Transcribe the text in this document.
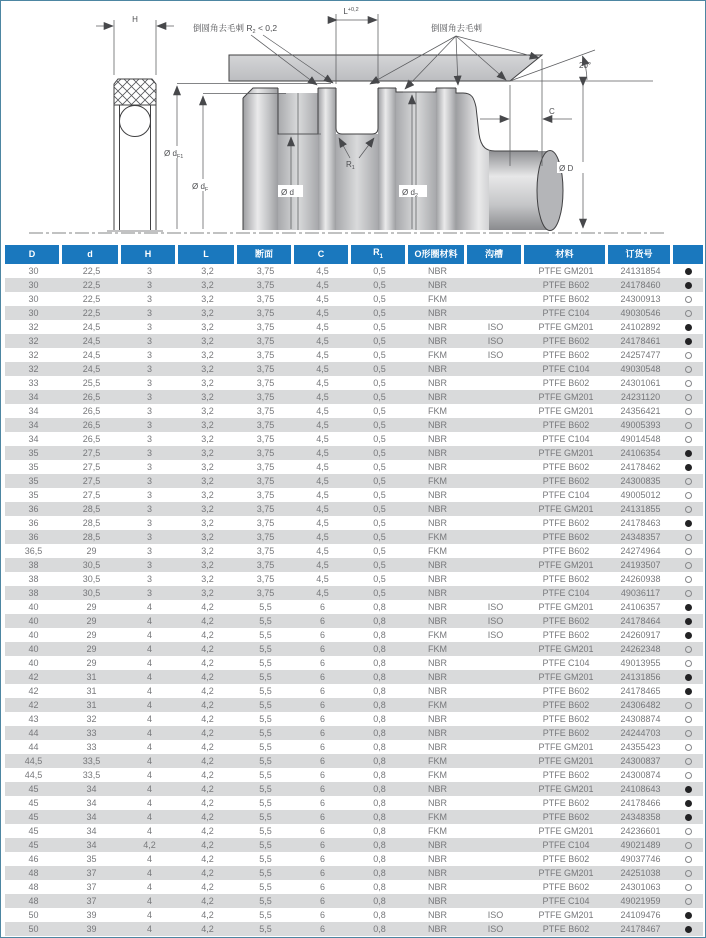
H
20°
$L^{+0,2}$
C
Ø D
Ø $d_{F1}$
Ø $d_F$	Ø d	Ø $d_2$
$R_1$
倒圆角去毛刺 $R_2 < 0,2$	倒圆角去毛刺
D	d	H	L	断面	C	$R_1$	O形圈材料	沟槽	材料	订货号	
30	22,5	3	3,2	3,75	4,5	0,5	NBR		PTFE GM201	24131854	
30	22,5	3	3,2	3,75	4,5	0,5	NBR		PTFE B602	24178460	
30	22,5	3	3,2	3,75	4,5	0,5	FKM		PTFE B602	24300913	
30	22,5	3	3,2	3,75	4,5	0,5	NBR		PTFE C104	49030546	
32	24,5	3	3,2	3,75	4,5	0,5	NBR	ISO	PTFE GM201	24102892	
32	24,5	3	3,2	3,75	4,5	0,5	NBR	ISO	PTFE B602	24178461	
32	24,5	3	3,2	3,75	4,5	0,5	FKM	ISO	PTFE B602	24257477	
32	24,5	3	3,2	3,75	4,5	0,5	NBR		PTFE C104	49030548	
33	25,5	3	3,2	3,75	4,5	0,5	NBR		PTFE B602	24301061	
34	26,5	3	3,2	3,75	4,5	0,5	NBR		PTFE GM201	24231120	
34	26,5	3	3,2	3,75	4,5	0,5	FKM		PTFE GM201	24356421	
34	26,5	3	3,2	3,75	4,5	0,5	NBR		PTFE B602	49005393	
34	26,5	3	3,2	3,75	4,5	0,5	NBR		PTFE C104	49014548	
35	27,5	3	3,2	3,75	4,5	0,5	NBR		PTFE GM201	24106354	
35	27,5	3	3,2	3,75	4,5	0,5	NBR		PTFE B602	24178462	
35	27,5	3	3,2	3,75	4,5	0,5	FKM		PTFE B602	24300835	
35	27,5	3	3,2	3,75	4,5	0,5	NBR		PTFE C104	49005012	
36	28,5	3	3,2	3,75	4,5	0,5	NBR		PTFE GM201	24131855	
36	28,5	3	3,2	3,75	4,5	0,5	NBR		PTFE B602	24178463	
36	28,5	3	3,2	3,75	4,5	0,5	FKM		PTFE B602	24348357	
36,5	29	3	3,2	3,75	4,5	0,5	FKM		PTFE B602	24274964	
38	30,5	3	3,2	3,75	4,5	0,5	NBR		PTFE GM201	24193507	
38	30,5	3	3,2	3,75	4,5	0,5	NBR		PTFE B602	24260938	
38	30,5	3	3,2	3,75	4,5	0,5	NBR		PTFE C104	49036117	
40	29	4	4,2	5,5	6	0,8	NBR	ISO	PTFE GM201	24106357	
40	29	4	4,2	5,5	6	0,8	NBR	ISO	PTFE B602	24178464	
40	29	4	4,2	5,5	6	0,8	FKM	ISO	PTFE B602	24260917	
40	29	4	4,2	5,5	6	0,8	FKM		PTFE GM201	24262348	
40	29	4	4,2	5,5	6	0,8	NBR		PTFE C104	49013955	
42	31	4	4,2	5,5	6	0,8	NBR		PTFE GM201	24131856	
42	31	4	4,2	5,5	6	0,8	NBR		PTFE B602	24178465	
42	31	4	4,2	5,5	6	0,8	FKM		PTFE B602	24306482	
43	32	4	4,2	5,5	6	0,8	NBR		PTFE B602	24308874	
44	33	4	4,2	5,5	6	0,8	NBR		PTFE B602	24244703	
44	33	4	4,2	5,5	6	0,8	NBR		PTFE GM201	24355423	
44,5	33,5	4	4,2	5,5	6	0,8	FKM		PTFE GM201	24300837	
44,5	33,5	4	4,2	5,5	6	0,8	FKM		PTFE B602	24300874	
45	34	4	4,2	5,5	6	0,8	NBR		PTFE GM201	24108643	
45	34	4	4,2	5,5	6	0,8	NBR		PTFE B602	24178466	
45	34	4	4,2	5,5	6	0,8	FKM		PTFE B602	24348358	
45	34	4	4,2	5,5	6	0,8	FKM		PTFE GM201	24236601	
45	34	4,2	4,2	5,5	6	0,8	NBR		PTFE C104	49021489	
46	35	4	4,2	5,5	6	0,8	NBR		PTFE B602	49037746	
48	37	4	4,2	5,5	6	0,8	NBR		PTFE GM201	24251038	
48	37	4	4,2	5,5	6	0,8	NBR		PTFE B602	24301063	
48	37	4	4,2	5,5	6	0,8	NBR		PTFE C104	49021959	
50	39	4	4,2	5,5	6	0,8	NBR	ISO	PTFE GM201	24109476	
50	39	4	4,2	5,5	6	0,8	NBR	ISO	PTFE B602	24178467	
